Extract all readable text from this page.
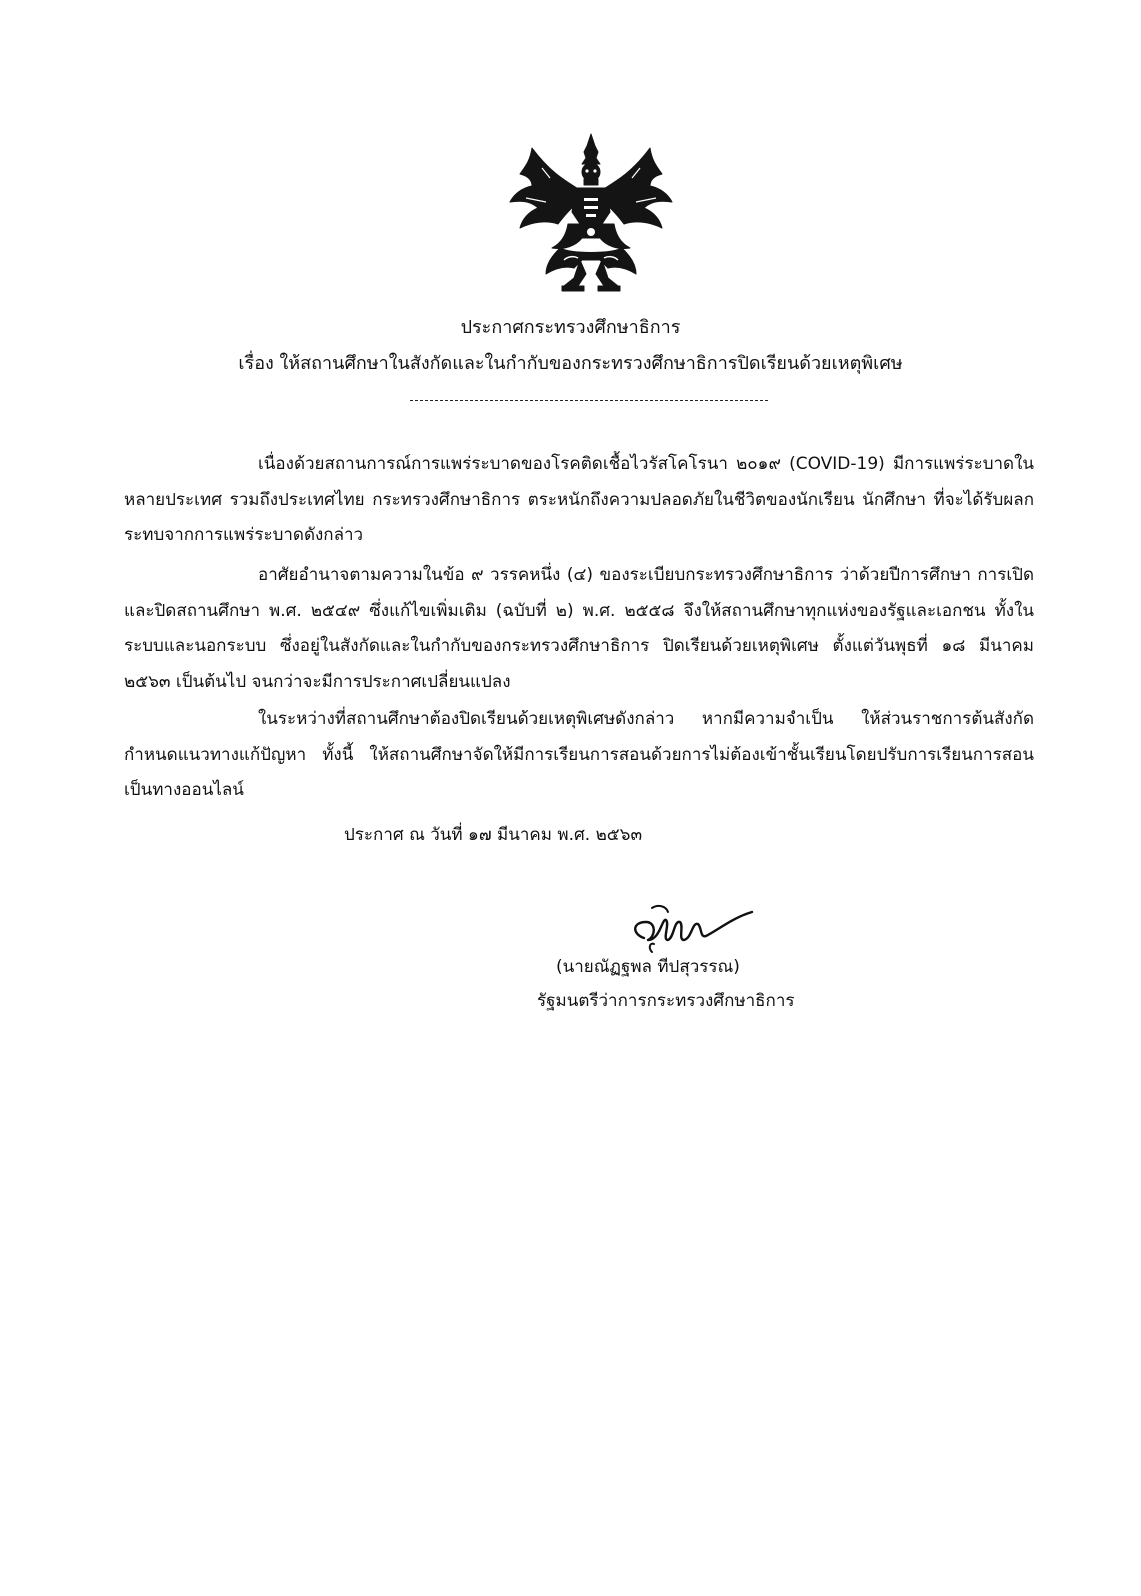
ประกาศกระทรวงศึกษาธิการ
เรื่อง ให้สถานศึกษาในสังกัดและในกำกับของกระทรวงศึกษาธิการปิดเรียนด้วยเหตุพิเศษ

เนื่องด้วยสถานการณ์การแพร่ระบาดของโรคติดเชื้อไวรัสโคโรนา ๒๐๑๙ (COVID-19) มีการแพร่ระบาดในหลายประเทศ รวมถึงประเทศไทย กระทรวงศึกษาธิการ ตระหนักถึงความปลอดภัยในชีวิตของนักเรียน นักศึกษา ที่จะได้รับผลกระทบจากการแพร่ระบาดดังกล่าว

อาศัยอำนาจตามความในข้อ ๙ วรรคหนึ่ง (๔) ของระเบียบกระทรวงศึกษาธิการ ว่าด้วยปีการศึกษา การเปิดและปิดสถานศึกษา พ.ศ. ๒๕๔๙ ซึ่งแก้ไขเพิ่มเติม (ฉบับที่ ๒) พ.ศ. ๒๕๕๘ จึงให้สถานศึกษาทุกแห่งของรัฐและเอกชน ทั้งในระบบและนอกระบบ ซึ่งอยู่ในสังกัดและในกำกับของกระทรวงศึกษาธิการ ปิดเรียนด้วยเหตุพิเศษ ตั้งแต่วันพุธที่ ๑๘ มีนาคม ๒๕๖๓ เป็นต้นไป จนกว่าจะมีการประกาศเปลี่ยนแปลง

ในระหว่างที่สถานศึกษาต้องปิดเรียนด้วยเหตุพิเศษดังกล่าว หากมีความจำเป็น ให้ส่วนราชการต้นสังกัดกำหนดแนวทางแก้ปัญหา ทั้งนี้ ให้สถานศึกษาจัดให้มีการเรียนการสอนด้วยการไม่ต้องเข้าชั้นเรียนโดยปรับการเรียนการสอนเป็นทางออนไลน์

ประกาศ ณ วันที่ ๑๗ มีนาคม พ.ศ. ๒๕๖๓
(นายณัฏฐพล ทีปสุวรรณ)
รัฐมนตรีว่าการกระทรวงศึกษาธิการ
